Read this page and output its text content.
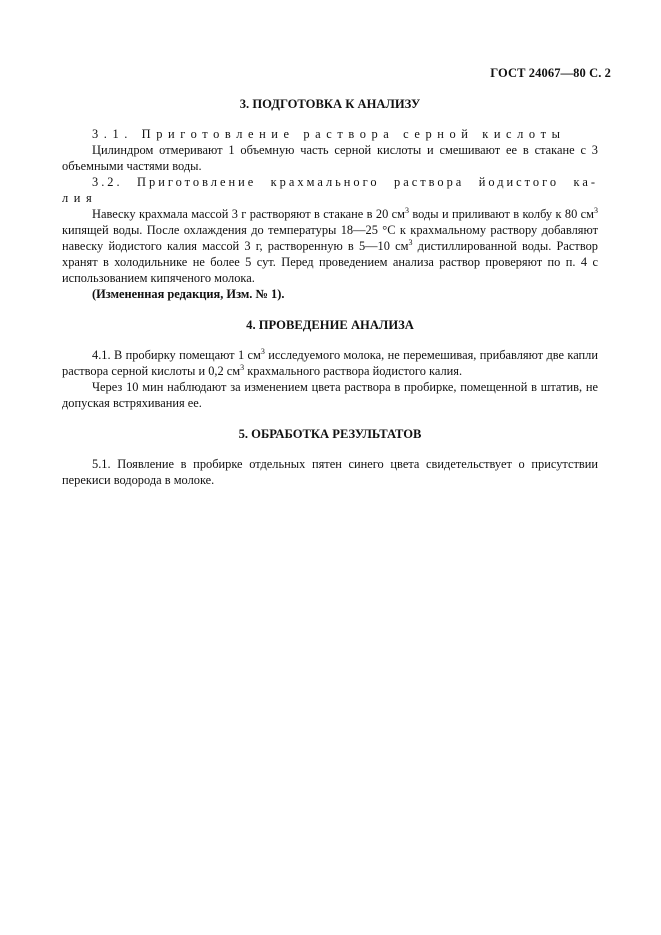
ГОСТ 24067—80 С. 2
3. ПОДГОТОВКА К АНАЛИЗУ

3.1. Приготовление раствора серной кислоты

Цилиндром отмеривают 1 объемную часть серной кислоты и смешивают ее в стакане с 3 объемными частями воды.

3.2. Приготовление крахмального раствора йодистого ка-

лия

Навеску крахмала массой 3 г растворяют в стакане в 20 $см^3$ воды и приливают в колбу к 80 $см^3$ кипящей воды. После охлаждения до температуры 18—25 °С к крахмальному раствору добавляют навеску йодистого калия массой 3 г, растворенную в 5—10 $см^3$ дистиллированной воды. Раствор хранят в холодильнике не более 5 сут. Перед проведением анализа раствор проверяют по п. 4 с использованием кипяченого молока.

(Измененная редакция, Изм. № 1).

4. ПРОВЕДЕНИЕ АНАЛИЗА

4.1. В пробирку помещают 1 $см^3$ исследуемого молока, не перемешивая, прибавляют две капли раствора серной кислоты и 0,2 $см^3$ крахмального раствора йодистого калия.

Через 10 мин наблюдают за изменением цвета раствора в пробирке, помещенной в штатив, не допуская встряхивания ее.

5. ОБРАБОТКА РЕЗУЛЬТАТОВ

5.1. Появление в пробирке отдельных пятен синего цвета свидетельствует о присутствии перекиси водорода в молоке.
